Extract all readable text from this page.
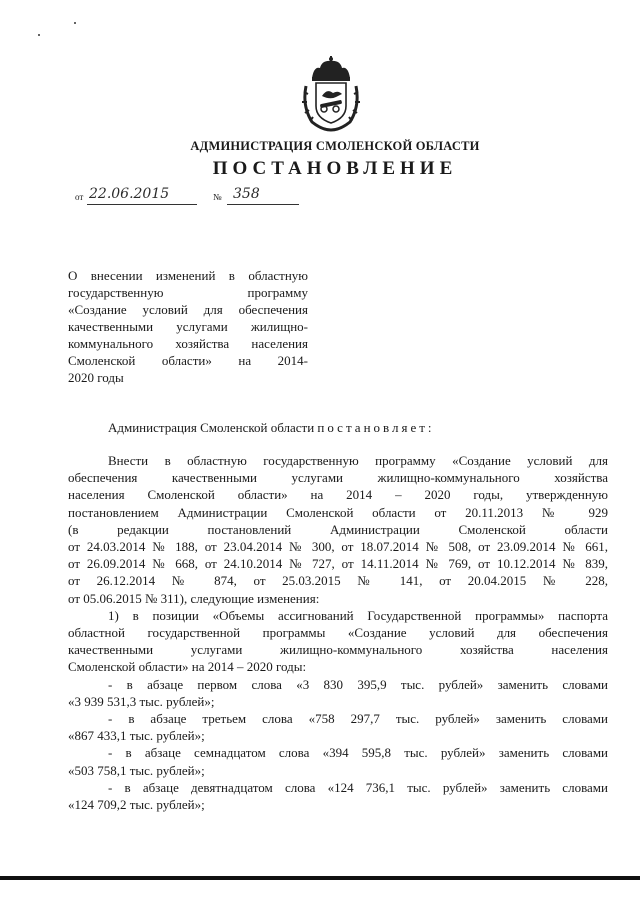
АДМИНИСТРАЦИЯ СМОЛЕНСКОЙ ОБЛАСТИ
ПОСТАНОВЛЕНИЕ
от 22.06.2015	№ 358
О внесении изменений в областную
государственную программу
«Создание условий для обеспечения
качественными услугами жилищно-
коммунального хозяйства населения
Смоленской области» на 2014-
2020 годы
Администрация Смоленской области постановляет:
Внести в областную государственную программу «Создание условий для
обеспечения качественными услугами жилищно-коммунального хозяйства
населения Смоленской области» на 2014 – 2020 годы, утвержденную
постановлением Администрации Смоленской области от 20.11.2013 № 929
(в редакции постановлений Администрации Смоленской области
от 24.03.2014 № 188, от 23.04.2014 № 300, от 18.07.2014 № 508, от 23.09.2014 № 661,
от 26.09.2014 № 668, от 24.10.2014 № 727, от 14.11.2014 № 769, от 10.12.2014 № 839,
от 26.12.2014 № 874, от 25.03.2015 № 141, от 20.04.2015 № 228,
от 05.06.2015 № 311), следующие изменения:
1) в позиции «Объемы ассигнований Государственной программы» паспорта
областной государственной программы «Создание условий для обеспечения
качественными услугами жилищно-коммунального хозяйства населения
Смоленской области» на 2014 – 2020 годы:
- в абзаце первом слова «3 830 395,9 тыс. рублей» заменить словами
«3 939 531,3 тыс. рублей»;
- в абзаце третьем слова «758 297,7 тыс. рублей» заменить словами
«867 433,1 тыс. рублей»;
- в абзаце семнадцатом слова «394 595,8 тыс. рублей» заменить словами
«503 758,1 тыс. рублей»;
- в абзаце девятнадцатом слова «124 736,1 тыс. рублей» заменить словами
«124 709,2 тыс. рублей»;
